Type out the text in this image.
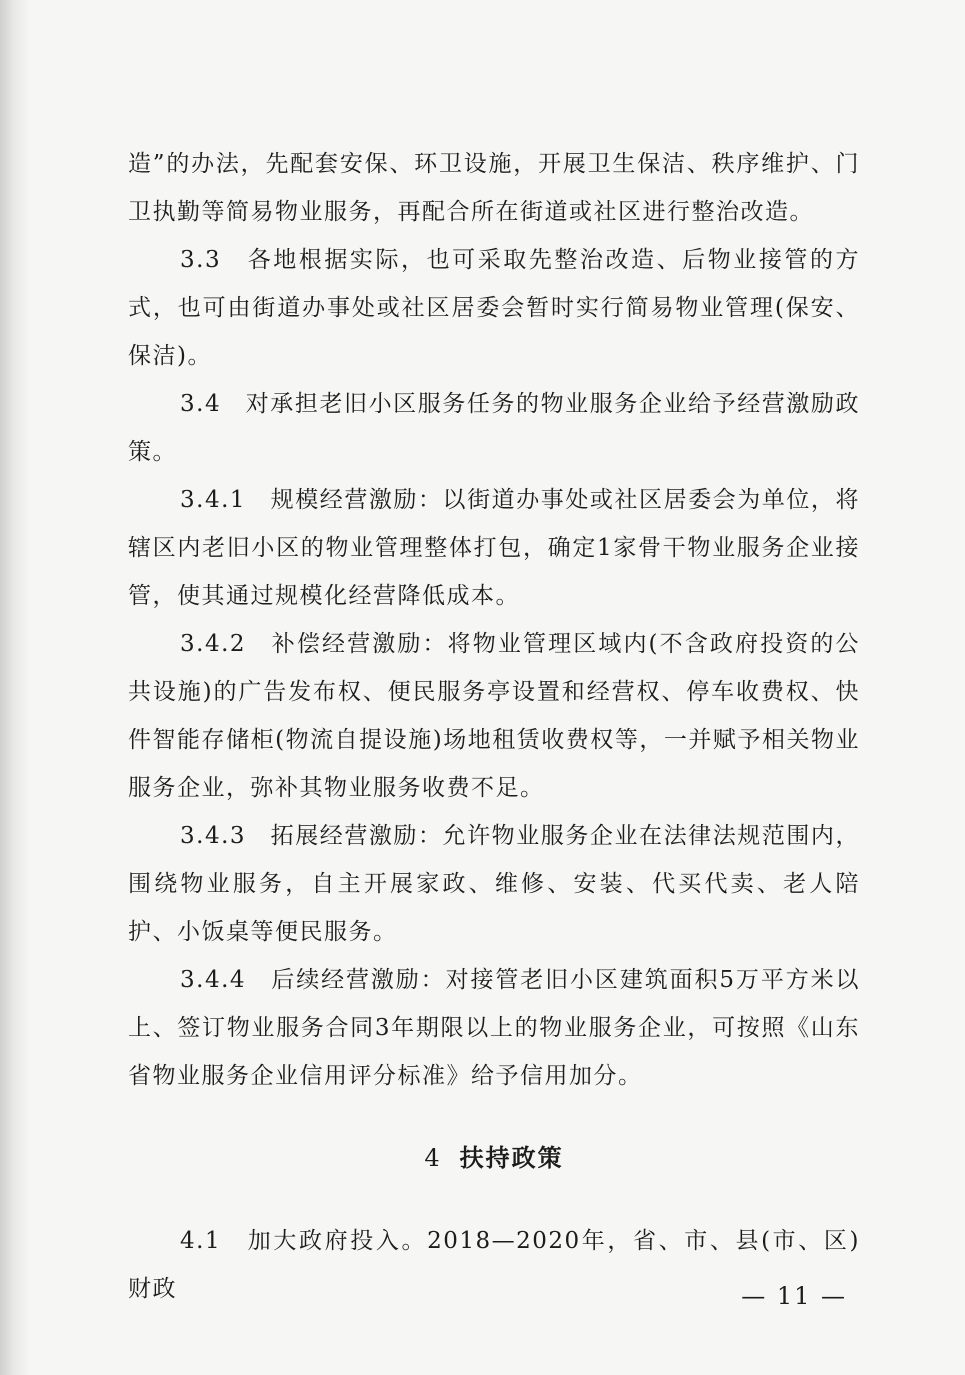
造”的办法，先配套安保、环卫设施，开展卫生保洁、秩序维护、门卫执勤等简易物业服务，再配合所在街道或社区进行整治改造。

3.3　各地根据实际，也可采取先整治改造、后物业接管的方式，也可由街道办事处或社区居委会暂时实行简易物业管理(保安、保洁)。

3.4　对承担老旧小区服务任务的物业服务企业给予经营激励政策。

3.4.1　规模经营激励：以街道办事处或社区居委会为单位，将辖区内老旧小区的物业管理整体打包，确定1家骨干物业服务企业接管，使其通过规模化经营降低成本。

3.4.2　补偿经营激励：将物业管理区域内(不含政府投资的公共设施)的广告发布权、便民服务亭设置和经营权、停车收费权、快件智能存储柜(物流自提设施)场地租赁收费权等，一并赋予相关物业服务企业，弥补其物业服务收费不足。

3.4.3　拓展经营激励：允许物业服务企业在法律法规范围内，围绕物业服务，自主开展家政、维修、安装、代买代卖、老人陪护、小饭桌等便民服务。

3.4.4　后续经营激励：对接管老旧小区建筑面积5万平方米以上、签订物业服务合同3年期限以上的物业服务企业，可按照《山东省物业服务企业信用评分标准》给予信用加分。

4 扶持政策

4.1　加大政府投入。2018—2020年，省、市、县(市、区)财政	— 11 —
